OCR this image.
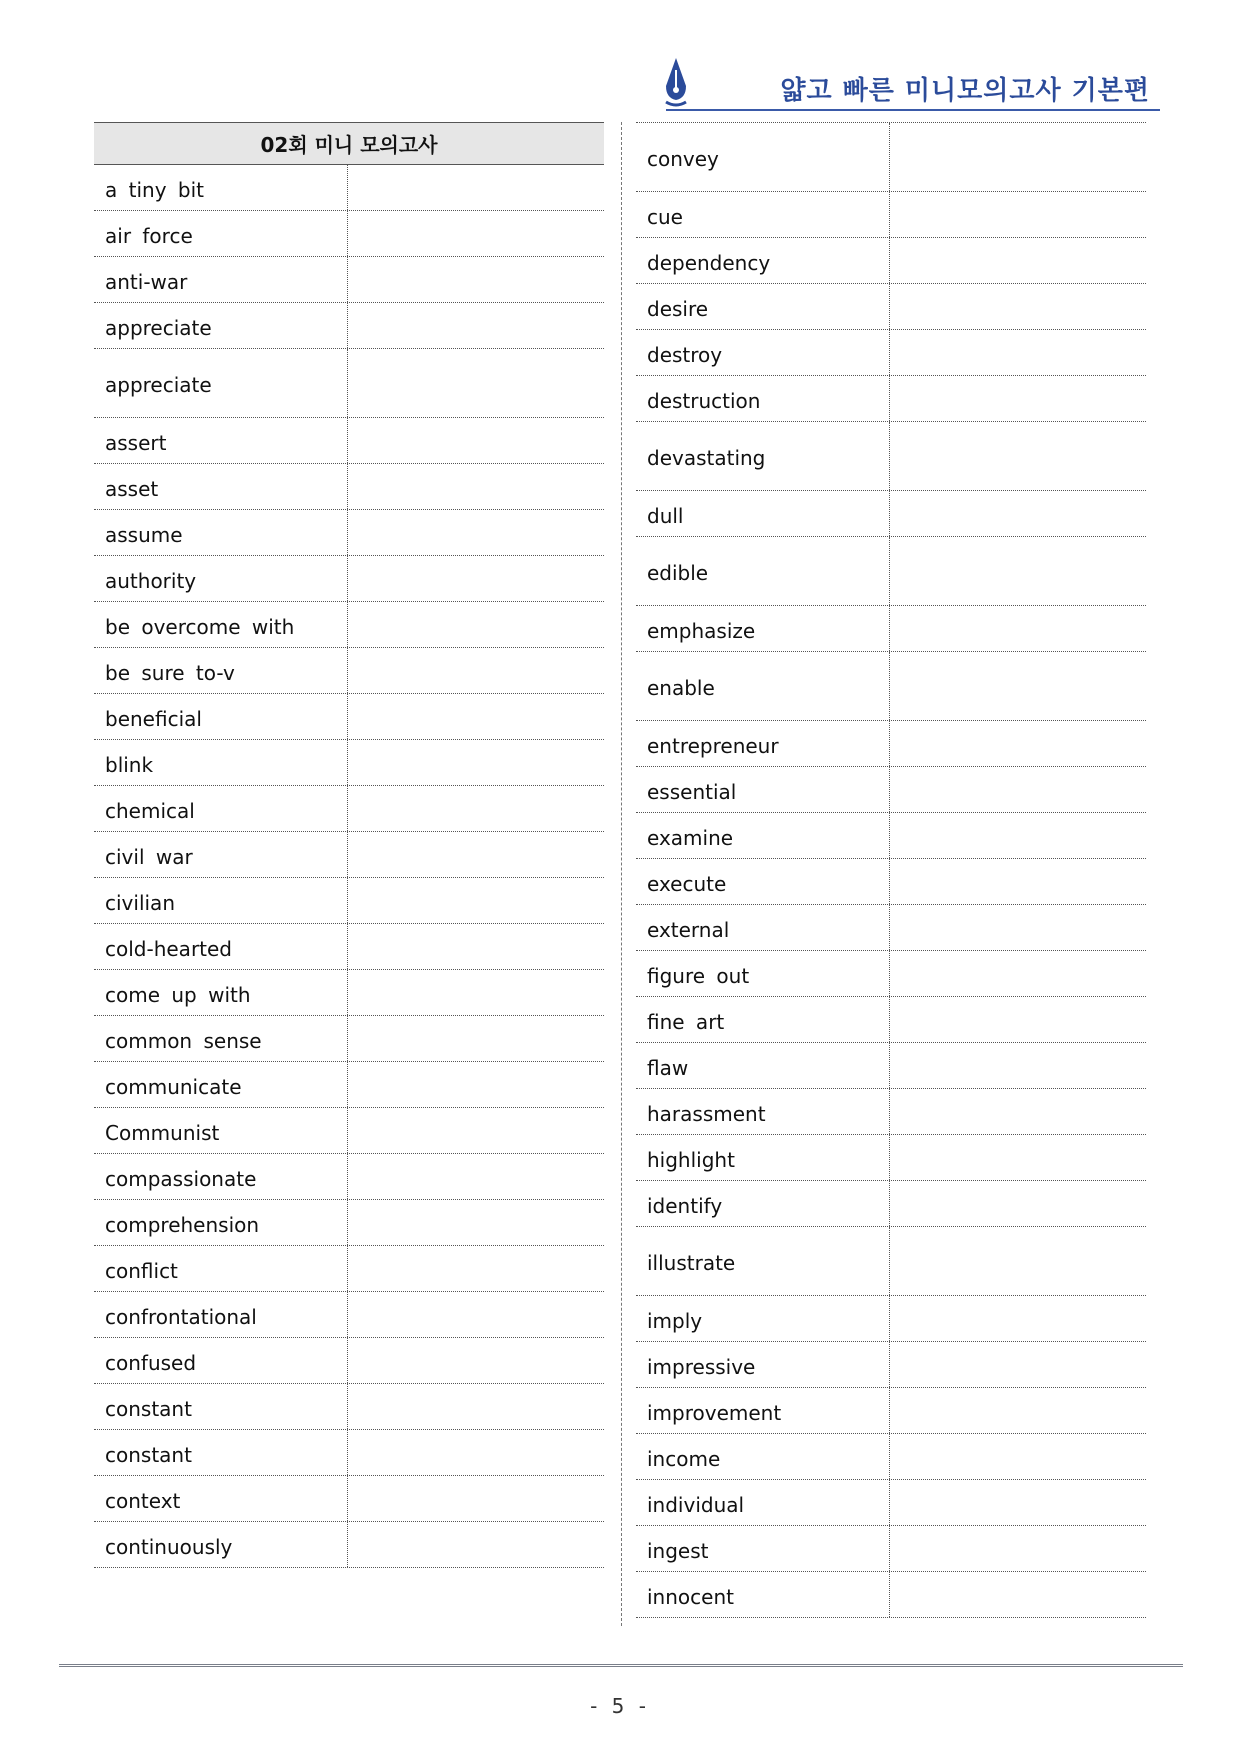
얇고 빠른 미니모의고사 기본편
02회 미니 모의고사
a tiny bit
air force
anti-war
appreciate
appreciate
assert
asset
assume
authority
be overcome with
be sure to-v
beneficial
blink
chemical
civil war
civilian
cold-hearted
come up with
common sense
communicate
Communist
compassionate
comprehension
conflict
confrontational
confused
constant
constant
context
continuously
convey
cue
dependency
desire
destroy
destruction
devastating
dull
edible
emphasize
enable
entrepreneur
essential
examine
execute
external
figure out
fine art
flaw
harassment
highlight
identify
illustrate
imply
impressive
improvement
income
individual
ingest
innocent
- 5 -
